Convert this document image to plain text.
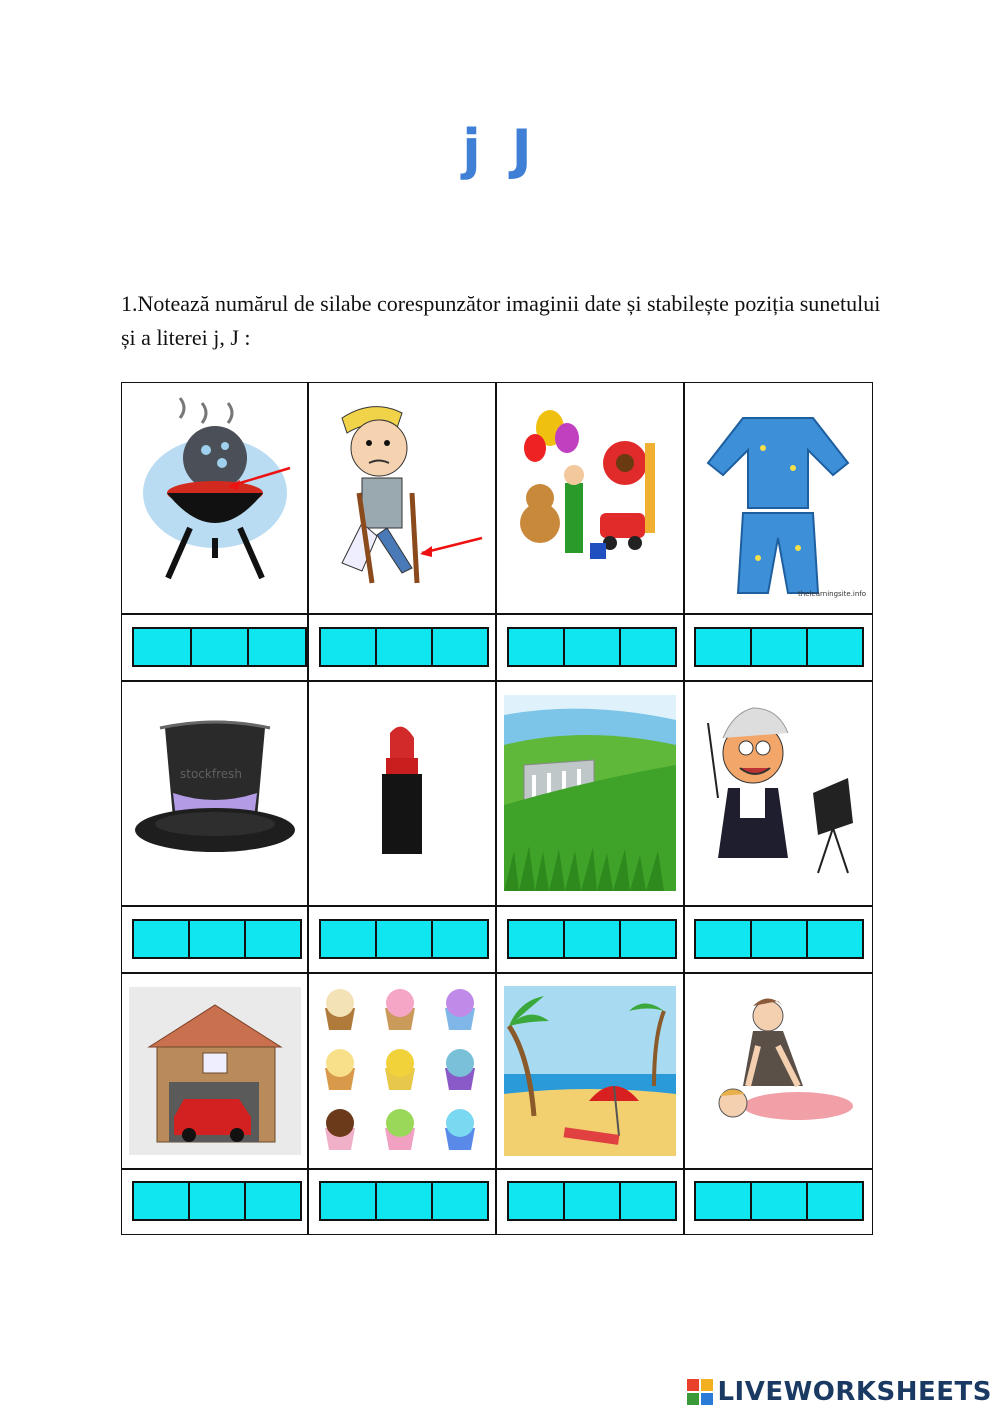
j J
1.Notează numărul de silabe corespunzător imaginii date și stabilește poziția sunetului și a literei j, J :
thelearningsite.info
stockfresh
LIVEWORKSHEETS
